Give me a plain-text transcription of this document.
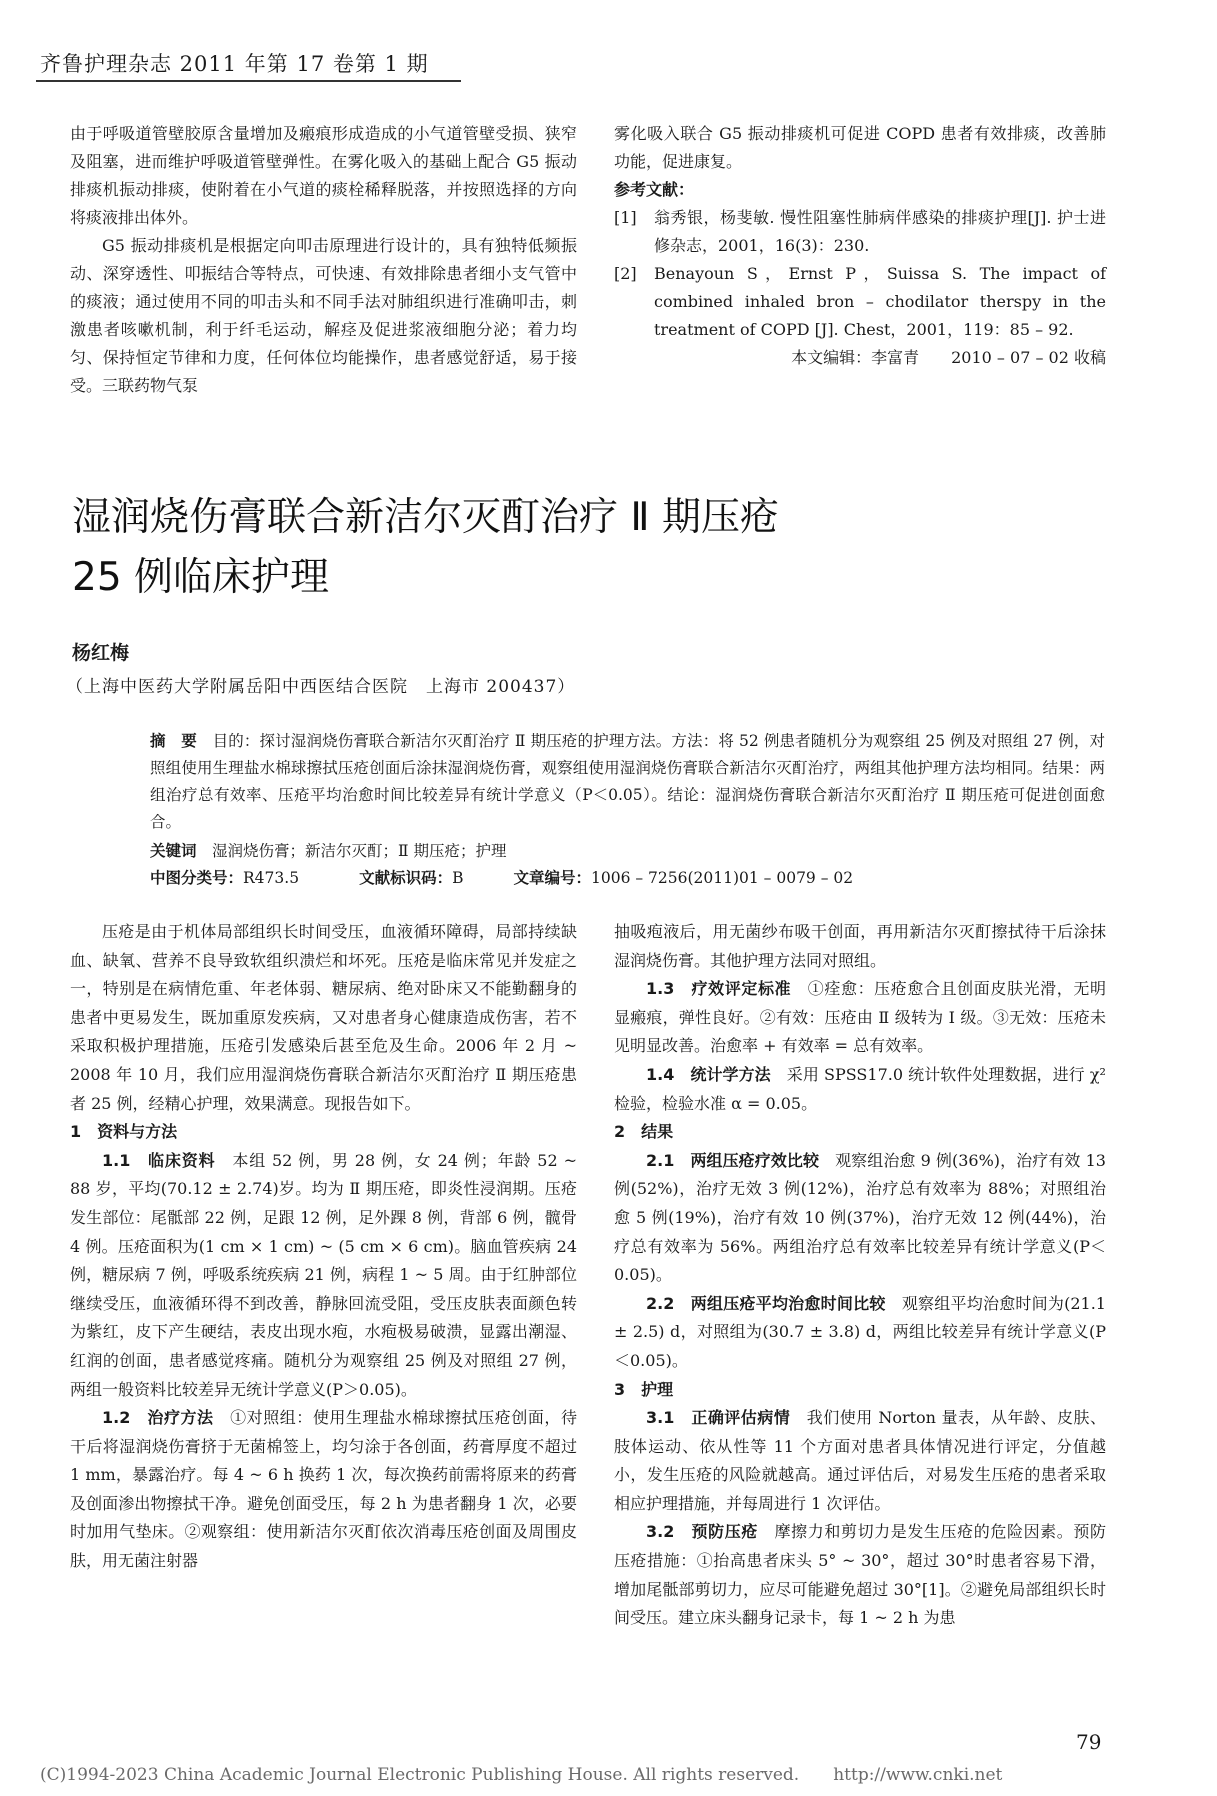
齐鲁护理杂志 2011 年第 17 卷第 1 期

由于呼吸道管壁胶原含量增加及瘢痕形成造成的小气道管壁受损、狭窄及阻塞，进而维护呼吸道管壁弹性。在雾化吸入的基础上配合 G5 振动排痰机振动排痰，使附着在小气道的痰栓稀释脱落，并按照选择的方向将痰液排出体外。

G5 振动排痰机是根据定向叩击原理进行设计的，具有独特低频振动、深穿透性、叩振结合等特点，可快速、有效排除患者细小支气管中的痰液；通过使用不同的叩击头和不同手法对肺组织进行准确叩击，刺激患者咳嗽机制，利于纤毛运动，解痉及促进浆液细胞分泌；着力均匀、保持恒定节律和力度，任何体位均能操作，患者感觉舒适，易于接受。三联药物气泵

雾化吸入联合 G5 振动排痰机可促进 COPD 患者有效排痰，改善肺功能，促进康复。

参考文献：

[1]	翁秀银，杨斐敏. 慢性阻塞性肺病伴感染的排痰护理[J]. 护士进修杂志，2001，16(3)：230.
[2]	Benayoun S，Ernst P，Suissa S. The impact of combined inhaled bron – chodilator therspy in the treatment of COPD [J]. Chest，2001，119：85 – 92.

本文编辑：李富青　　2010 – 07 – 02 收稿

湿润烧伤膏联合新洁尔灭酊治疗 Ⅱ 期压疮
25 例临床护理
杨红梅
（上海中医药大学附属岳阳中西医结合医院　上海市 200437）

摘　要　 目的：探讨湿润烧伤膏联合新洁尔灭酊治疗 Ⅱ 期压疮的护理方法。方法：将 52 例患者随机分为观察组 25 例及对照组 27 例，对照组使用生理盐水棉球擦拭压疮创面后涂抹湿润烧伤膏，观察组使用湿润烧伤膏联合新洁尔灭酊治疗，两组其他护理方法均相同。结果：两组治疗总有效率、压疮平均治愈时间比较差异有统计学意义（P＜0.05）。结论：湿润烧伤膏联合新洁尔灭酊治疗 Ⅱ 期压疮可促进创面愈合。

关键词　 湿润烧伤膏；新洁尔灭酊；Ⅱ 期压疮；护理

中图分类号：R473.5	文献标识码：B	文章编号：1006 – 7256(2011)01 – 0079 – 02

压疮是由于机体局部组织长时间受压，血液循环障碍，局部持续缺血、缺氧、营养不良导致软组织溃烂和坏死。压疮是临床常见并发症之一，特别是在病情危重、年老体弱、糖尿病、绝对卧床又不能勤翻身的患者中更易发生，既加重原发疾病，又对患者身心健康造成伤害，若不采取积极护理措施，压疮引发感染后甚至危及生命。2006 年 2 月 ~ 2008 年 10 月，我们应用湿润烧伤膏联合新洁尔灭酊治疗 Ⅱ 期压疮患者 25 例，经精心护理，效果满意。现报告如下。

1　资料与方法

1.1　临床资料　 本组 52 例，男 28 例，女 24 例；年龄 52 ~ 88 岁，平均(70.12 ± 2.74)岁。均为 Ⅱ 期压疮，即炎性浸润期。压疮发生部位：尾骶部 22 例，足跟 12 例，足外踝 8 例，背部 6 例，髋骨 4 例。压疮面积为(1 cm × 1 cm) ~ (5 cm × 6 cm)。脑血管疾病 24 例，糖尿病 7 例，呼吸系统疾病 21 例，病程 1 ~ 5 周。由于红肿部位继续受压，血液循环得不到改善，静脉回流受阻，受压皮肤表面颜色转为紫红，皮下产生硬结，表皮出现水疱，水疱极易破溃，显露出潮湿、红润的创面，患者感觉疼痛。随机分为观察组 25 例及对照组 27 例，两组一般资料比较差异无统计学意义(P＞0.05)。

1.2　治疗方法　 ①对照组：使用生理盐水棉球擦拭压疮创面，待干后将湿润烧伤膏挤于无菌棉签上，均匀涂于各创面，药膏厚度不超过 1 mm，暴露治疗。每 4 ~ 6 h 换药 1 次，每次换药前需将原来的药膏及创面渗出物擦拭干净。避免创面受压，每 2 h 为患者翻身 1 次，必要时加用气垫床。②观察组：使用新洁尔灭酊依次消毒压疮创面及周围皮肤，用无菌注射器

抽吸疱液后，用无菌纱布吸干创面，再用新洁尔灭酊擦拭待干后涂抹湿润烧伤膏。其他护理方法同对照组。

1.3　疗效评定标准　 ①痊愈：压疮愈合且创面皮肤光滑，无明显瘢痕，弹性良好。②有效：压疮由 Ⅱ 级转为 Ⅰ 级。③无效：压疮未见明显改善。治愈率 + 有效率 = 总有效率。

1.4　统计学方法　 采用 SPSS17.0 统计软件处理数据，进行 χ² 检验，检验水准 α = 0.05。

2　结果

2.1　两组压疮疗效比较　 观察组治愈 9 例(36%)，治疗有效 13 例(52%)，治疗无效 3 例(12%)，治疗总有效率为 88%；对照组治愈 5 例(19%)，治疗有效 10 例(37%)，治疗无效 12 例(44%)，治疗总有效率为 56%。两组治疗总有效率比较差异有统计学意义(P＜0.05)。

2.2　两组压疮平均治愈时间比较　 观察组平均治愈时间为(21.1 ± 2.5) d，对照组为(30.7 ± 3.8) d，两组比较差异有统计学意义(P＜0.05)。

3　护理

3.1　正确评估病情　 我们使用 Norton 量表，从年龄、皮肤、肢体运动、依从性等 11 个方面对患者具体情况进行评定，分值越小，发生压疮的风险就越高。通过评估后，对易发生压疮的患者采取相应护理措施，并每周进行 1 次评估。

3.2　预防压疮　 摩擦力和剪切力是发生压疮的危险因素。预防压疮措施：①抬高患者床头 5° ~ 30°，超过 30°时患者容易下滑，增加尾骶部剪切力，应尽可能避免超过 30°[1]。②避免局部组织长时间受压。建立床头翻身记录卡，每 1 ~ 2 h 为患

79
(C)1994-2023 China Academic Journal Electronic Publishing House. All rights reserved.　　http://www.cnki.net
